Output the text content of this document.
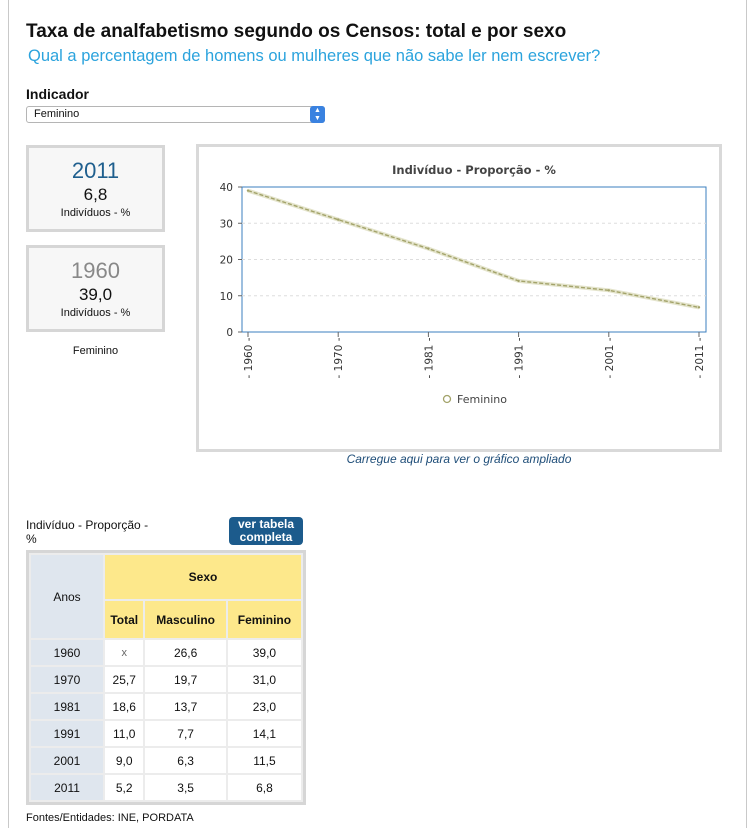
Taxa de analfabetismo segundo os Censos: total e por sexo

Qual a percentagem de homens ou mulheres que não sabe ler nem escrever?

Indicador
Feminino	▲
▼
2011
6,8
Indivíduos - %
1960
39,0
Indivíduos - %
Feminino
Indivíduo - Proporção - %
0
10
20
30
40
- 1960 -	- 1970 -	- 1981 -	- 1991 -	- 2001 -	- 2011 -
Feminino
Carregue aqui para ver o gráfico ampliado
Indivíduo - Proporção - %
ver tabela completa
Anos	Sexo		
	Total	Masculino	Feminino
1960	x	26,6	39,0
1970	25,7	19,7	31,0
1981	18,6	13,7	23,0
1991	11,0	7,7	14,1
2001	9,0	6,3	11,5
2011	5,2	3,5	6,8
Fontes/Entidades: INE, PORDATA
